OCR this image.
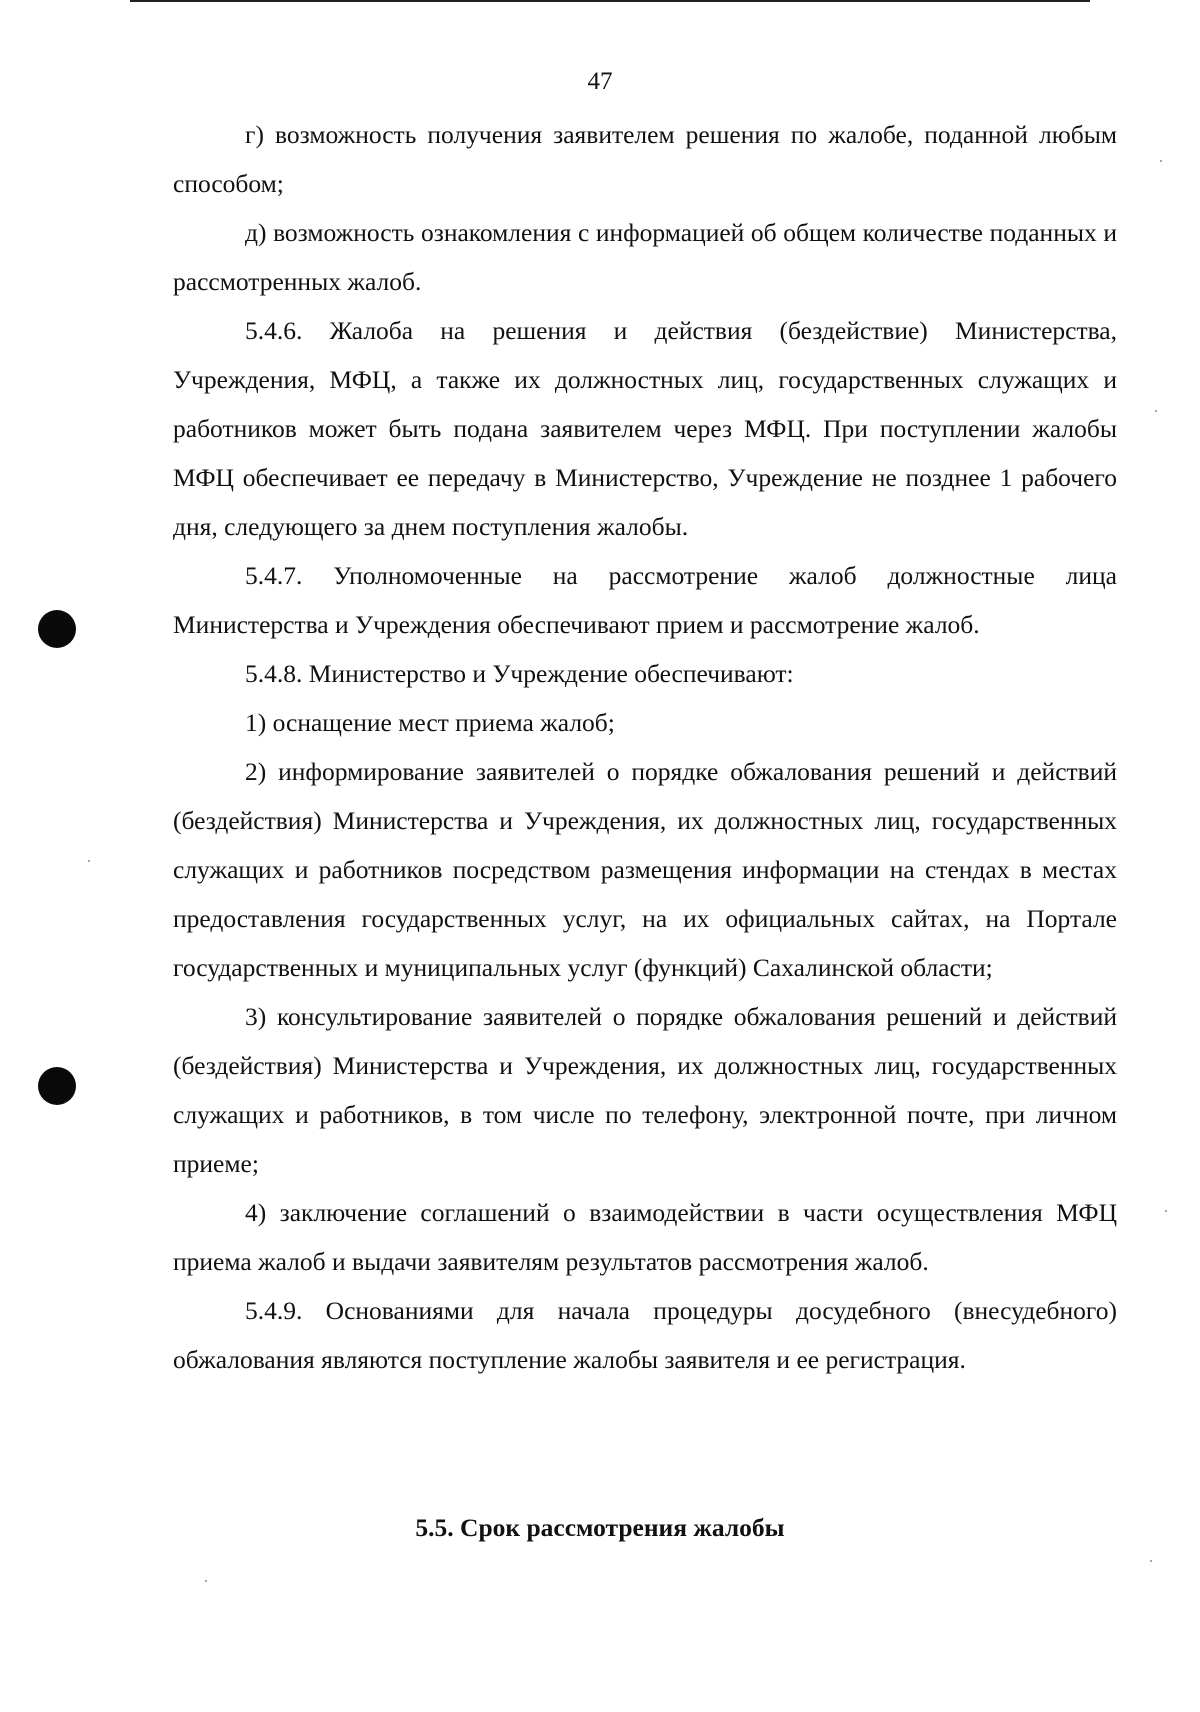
47

г) возможность получения заявителем решения по жалобе, поданной любым способом;

д) возможность ознакомления с информацией об общем количестве поданных и рассмотренных жалоб.

5.4.6. Жалоба на решения и действия (бездействие) Министерства, Учреждения, МФЦ, а также их должностных лиц, государственных служащих и работников может быть подана заявителем через МФЦ. При поступлении жалобы МФЦ обеспечивает ее передачу в Министерство, Учреждение не позднее 1 рабочего дня, следующего за днем поступления жалобы.

5.4.7. Уполномоченные на рассмотрение жалоб должностные лица Министерства и Учреждения обеспечивают прием и рассмотрение жалоб.

5.4.8. Министерство и Учреждение обеспечивают:

1) оснащение мест приема жалоб;

2) информирование заявителей о порядке обжалования решений и действий (бездействия) Министерства и Учреждения, их должностных лиц, государственных служащих и работников посредством размещения информации на стендах в местах предоставления государственных услуг, на их официальных сайтах, на Портале государственных и муниципальных услуг (функций) Сахалинской области;

3) консультирование заявителей о порядке обжалования решений и действий (бездействия) Министерства и Учреждения, их должностных лиц, государственных служащих и работников, в том числе по телефону, электронной почте, при личном приеме;

4) заключение соглашений о взаимодействии в части осуществления МФЦ приема жалоб и выдачи заявителям результатов рассмотрения жалоб.

5.4.9. Основаниями для начала процедуры досудебного (внесудебного) обжалования являются поступление жалобы заявителя и ее регистрация.

5.5. Срок рассмотрения жалобы
